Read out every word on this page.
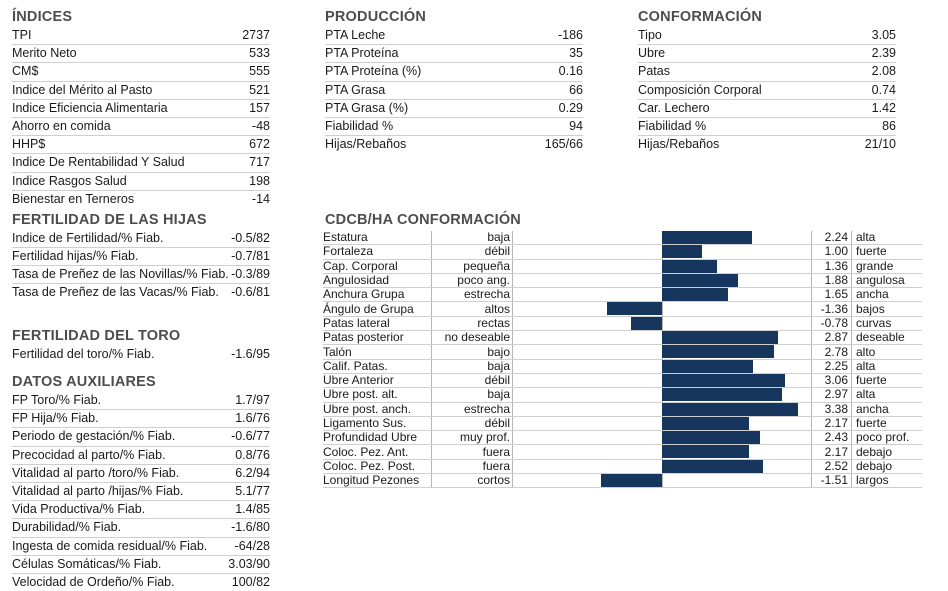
ÍNDICES
TPI	2737
Merito Neto	533
CM$	555
Indice del Mérito al Pasto	521
Indice Eficiencia Alimentaria	157
Ahorro en comida	-48
HHP$	672
Indice De Rentabilidad Y Salud	717
Indice Rasgos Salud	198
Bienestar en Terneros	-14
PRODUCCIÓN
PTA Leche	-186
PTA Proteína	35
PTA Proteína (%)	0.16
PTA Grasa	66
PTA Grasa (%)	0.29
Fiabilidad %	94
Hijas/Rebaños	165/66
CONFORMACIÓN
Tipo	3.05
Ubre	2.39
Patas	2.08
Composición Corporal	0.74
Car. Lechero	1.42
Fiabilidad %	86
Hijas/Rebaños	21/10
FERTILIDAD DE LAS HIJAS
Indice de Fertilidad/% Fiab.	-0.5/82
Fertilidad hijas/% Fiab.	-0.7/81
Tasa de Preñez de las Novillas/% Fiab.	-0.3/89
Tasa de Preñez de las Vacas/% Fiab.	-0.6/81
FERTILIDAD DEL TORO
Fertilidad del toro/% Fiab.	-1.6/95
DATOS AUXILIARES
FP Toro/% Fiab.	1.7/97
FP Hija/% Fiab.	1.6/76
Periodo de gestación/% Fiab.	-0.6/77
Precocidad al parto/% Fiab.	0.8/76
Vitalidad al parto /toro/% Fiab.	6.2/94
Vitalidad al parto /hijas/% Fiab.	5.1/77
Vida Productiva/% Fiab.	1.4/85
Durabilidad/% Fiab.	-1.6/80
Ingesta de comida residual/% Fiab.	-64/28
Células Somáticas/% Fiab.	3.03/90
Velocidad de Ordeño/% Fiab.	100/82
CDCB/HA CONFORMACIÓN
Estatura	baja		2.24	alta
Fortaleza	débil		1.00	fuerte
Cap. Corporal	pequeña		1.36	grande
Angulosidad	poco ang.		1.88	angulosa
Anchura Grupa	estrecha		1.65	ancha
Ángulo de Grupa	altos		-1.36	bajos
Patas lateral	rectas		-0.78	curvas
Patas posterior	no deseable		2.87	deseable
Talón	bajo		2.78	alto
Calif. Patas.	baja		2.25	alta
Ubre Anterior	débil		3.06	fuerte
Ubre post. alt.	baja		2.97	alta
Ubre post. anch.	estrecha		3.38	ancha
Ligamento Sus.	débil		2.17	fuerte
Profundidad Ubre	muy prof.		2.43	poco prof.
Coloc. Pez. Ant.	fuera		2.17	debajo
Coloc. Pez. Post.	fuera		2.52	debajo
Longitud Pezones	cortos		-1.51	largos
